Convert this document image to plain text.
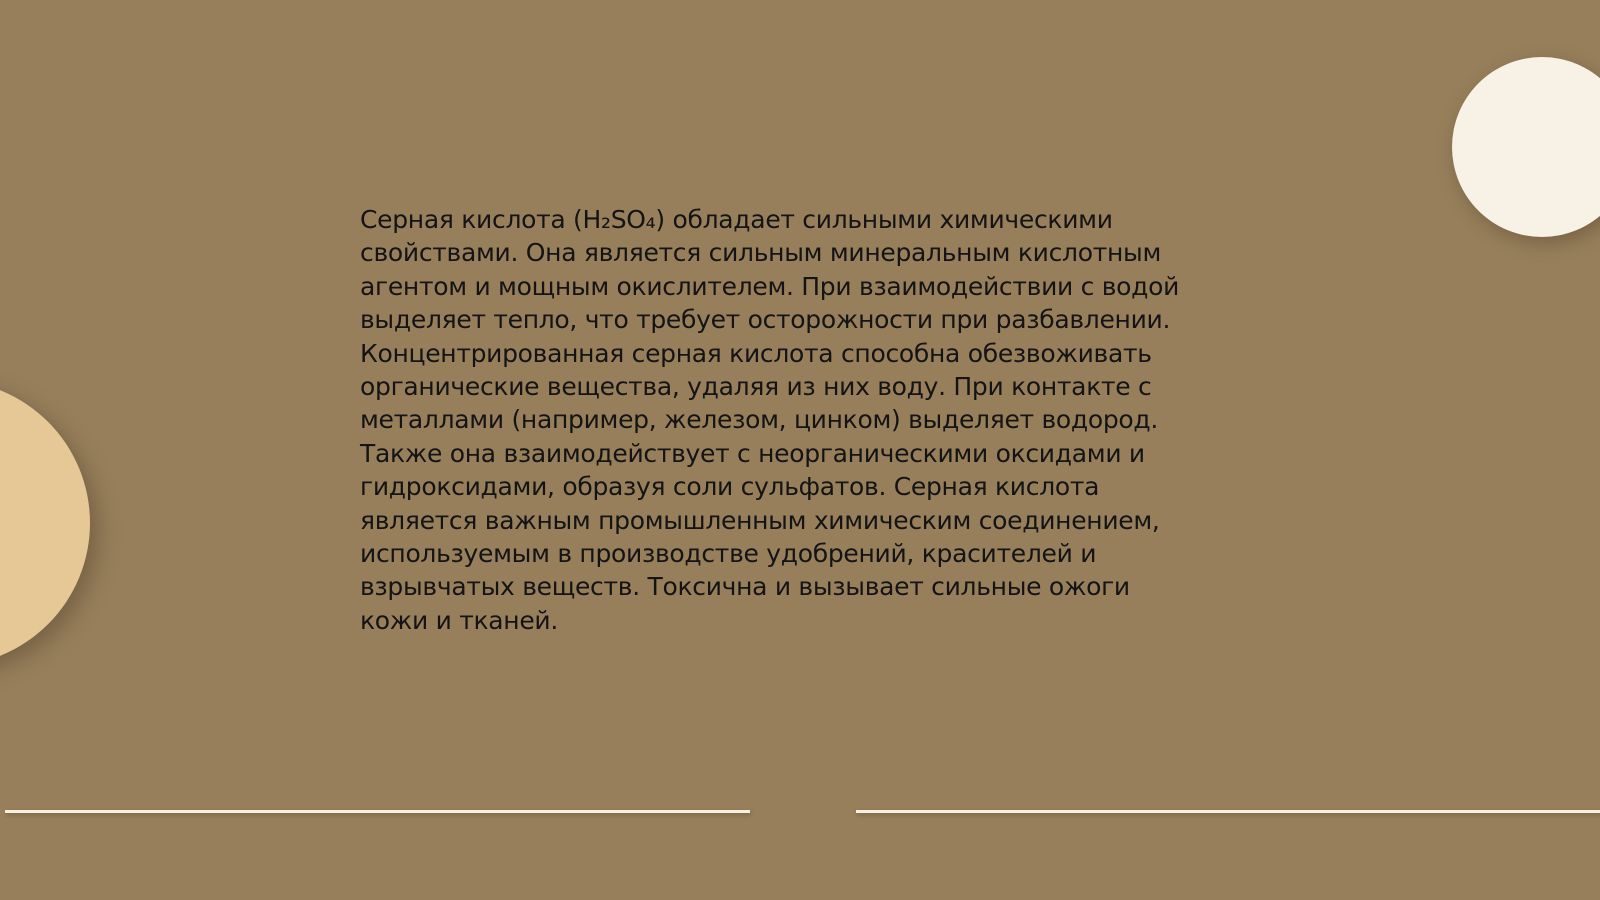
Серная кислота (H₂SO₄) обладает сильными химическими
свойствами. Она является сильным минеральным кислотным
агентом и мощным окислителем. При взаимодействии с водой
выделяет тепло, что требует осторожности при разбавлении.
Концентрированная серная кислота способна обезвоживать
органические вещества, удаляя из них воду. При контакте с
металлами (например, железом, цинком) выделяет водород.
Также она взаимодействует с неорганическими оксидами и
гидроксидами, образуя соли сульфатов. Серная кислота
является важным промышленным химическим соединением,
используемым в производстве удобрений, красителей и
взрывчатых веществ. Токсична и вызывает сильные ожоги
кожи и тканей.
